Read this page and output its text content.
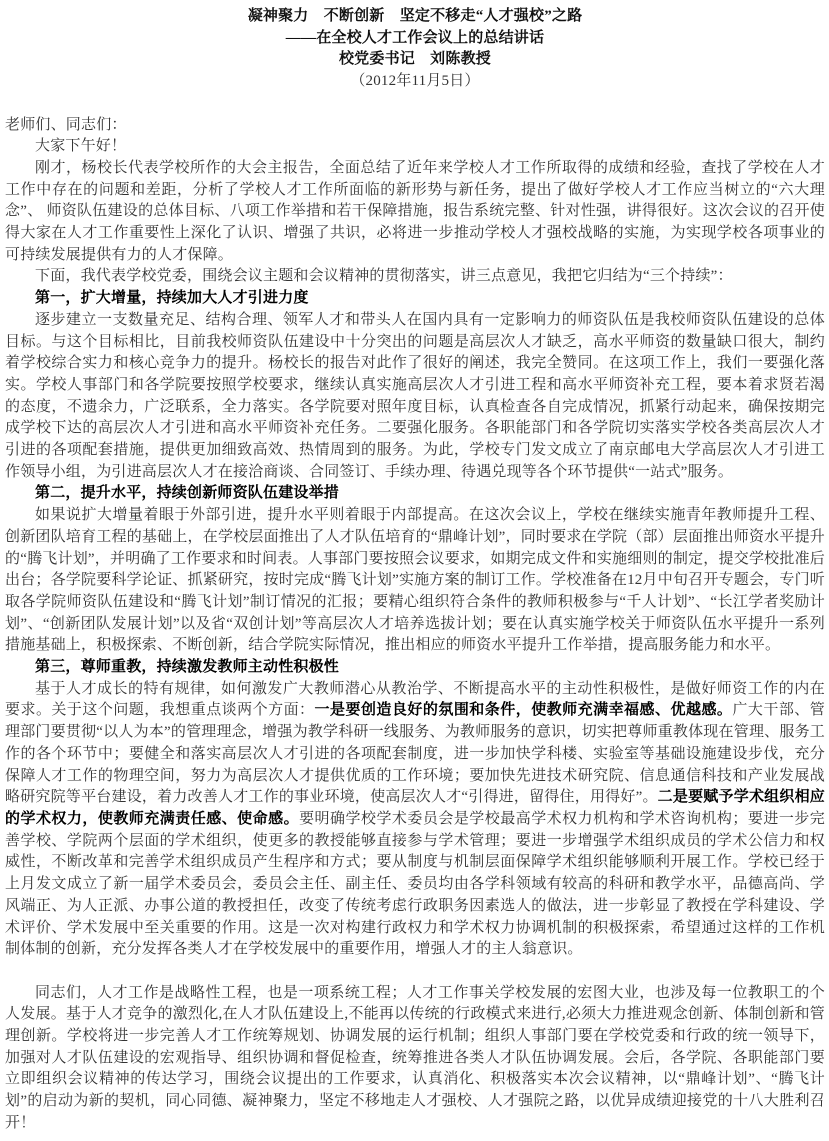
凝神聚力　不断创新　坚定不移走“人才强校”之路
——在全校人才工作会议上的总结讲话
校党委书记　刘陈教授
（2012年11月5日）

老师们、同志们：

大家下午好！

刚才，杨校长代表学校所作的大会主报告，全面总结了近年来学校人才工作所取得的成绩和经验，查找了学校在人才工作中存在的问题和差距，分析了学校人才工作所面临的新形势与新任务，提出了做好学校人才工作应当树立的“六大理念”、 师资队伍建设的总体目标、八项工作举措和若干保障措施，报告系统完整、针对性强，讲得很好。这次会议的召开使得大家在人才工作重要性上深化了认识、增强了共识，必将进一步推动学校人才强校战略的实施，为实现学校各项事业的可持续发展提供有力的人才保障。

下面，我代表学校党委，围绕会议主题和会议精神的贯彻落实，讲三点意见，我把它归结为“三个持续”：

第一，扩大增量，持续加大人才引进力度

逐步建立一支数量充足、结构合理、领军人才和带头人在国内具有一定影响力的师资队伍是我校师资队伍建设的总体目标。与这个目标相比，目前我校师资队伍建设中十分突出的问题是高层次人才缺乏，高水平师资的数量缺口很大，制约着学校综合实力和核心竞争力的提升。杨校长的报告对此作了很好的阐述，我完全赞同。在这项工作上，我们一要强化落实。学校人事部门和各学院要按照学校要求，继续认真实施高层次人才引进工程和高水平师资补充工程，要本着求贤若渴的态度，不遗余力，广泛联系，全力落实。各学院要对照年度目标，认真检查各自完成情况，抓紧行动起来，确保按期完成学校下达的高层次人才引进和高水平师资补充任务。二要强化服务。各职能部门和各学院切实落实学校各类高层次人才引进的各项配套措施，提供更加细致高效、热情周到的服务。为此，学校专门发文成立了南京邮电大学高层次人才引进工作领导小组，为引进高层次人才在接洽商谈、合同签订、手续办理、待遇兑现等各个环节提供“一站式”服务。

第二，提升水平，持续创新师资队伍建设举措

如果说扩大增量着眼于外部引进，提升水平则着眼于内部提高。在这次会议上，学校在继续实施青年教师提升工程、创新团队培育工程的基础上，在学校层面推出了人才队伍培育的“鼎峰计划”，同时要求在学院（部）层面推出师资水平提升的“腾飞计划”，并明确了工作要求和时间表。人事部门要按照会议要求，如期完成文件和实施细则的制定，提交学校批准后出台；各学院要科学论证、抓紧研究，按时完成“腾飞计划”实施方案的制订工作。学校准备在12月中旬召开专题会，专门听取各学院师资队伍建设和“腾飞计划”制订情况的汇报；要精心组织符合条件的教师积极参与“千人计划”、“长江学者奖励计划”、“创新团队发展计划”以及省“双创计划”等高层次人才培养选拔计划；要在认真实施学校关于师资队伍水平提升一系列措施基础上，积极探索、不断创新，结合学院实际情况，推出相应的师资水平提升工作举措，提高服务能力和水平。

第三，尊师重教，持续激发教师主动性积极性

基于人才成长的特有规律，如何激发广大教师潜心从教治学、不断提高水平的主动性积极性，是做好师资工作的内在要求。关于这个问题，我想重点谈两个方面：一是要创造良好的氛围和条件，使教师充满幸福感、优越感。广大干部、管理部门要贯彻“以人为本”的管理理念，增强为教学科研一线服务、为教师服务的意识，切实把尊师重教体现在管理、服务工作的各个环节中；要健全和落实高层次人才引进的各项配套制度，进一步加快学科楼、实验室等基础设施建设步伐，充分保障人才工作的物理空间，努力为高层次人才提供优质的工作环境；要加快先进技术研究院、信息通信科技和产业发展战略研究院等平台建设，着力改善人才工作的事业环境，使高层次人才“引得进，留得住，用得好”。二是要赋予学术组织相应的学术权力，使教师充满责任感、使命感。要明确学校学术委员会是学校最高学术权力机构和学术咨询机构；要进一步完善学校、学院两个层面的学术组织，使更多的教授能够直接参与学术管理；要进一步增强学术组织成员的学术公信力和权威性，不断改革和完善学术组织成员产生程序和方式；要从制度与机制层面保障学术组织能够顺利开展工作。学校已经于上月发文成立了新一届学术委员会，委员会主任、副主任、委员均由各学科领域有较高的科研和教学水平，品德高尚、学风端正、为人正派、办事公道的教授担任，改变了传统考虑行政职务因素选人的做法，进一步彰显了教授在学科建设、学术评价、学术发展中至关重要的作用。这是一次对构建行政权力和学术权力协调机制的积极探索，希望通过这样的工作机制体制的创新，充分发挥各类人才在学校发展中的重要作用，增强人才的主人翁意识。

同志们，人才工作是战略性工程，也是一项系统工程；人才工作事关学校发展的宏图大业，也涉及每一位教职工的个人发展。基于人才竞争的激烈化,在人才队伍建设上,不能再以传统的行政模式来进行,必须大力推进观念创新、体制创新和管理创新。学校将进一步完善人才工作统筹规划、协调发展的运行机制；组织人事部门要在学校党委和行政的统一领导下，加强对人才队伍建设的宏观指导、组织协调和督促检查，统筹推进各类人才队伍协调发展。会后，各学院、各职能部门要立即组织会议精神的传达学习，围绕会议提出的工作要求，认真消化、积极落实本次会议精神，以“鼎峰计划”、“腾飞计划”的启动为新的契机，同心同德、凝神聚力，坚定不移地走人才强校、人才强院之路，以优异成绩迎接党的十八大胜利召开！
